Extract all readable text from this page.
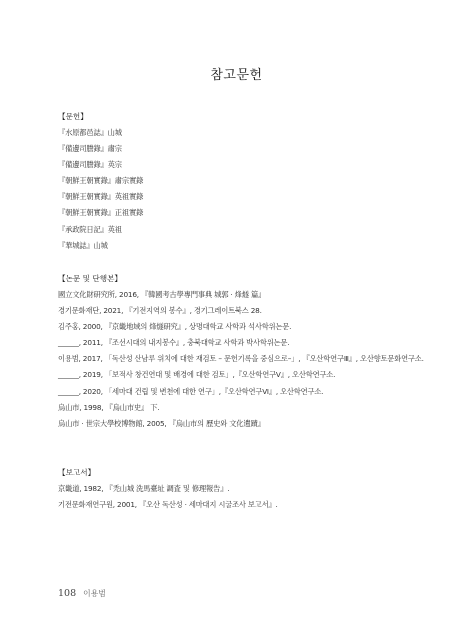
참고문헌
【문헌】
『水原都邑誌』山城
『備邊司謄錄』肅宗
『備邊司謄錄』英宗
『朝鮮王朝實錄』肅宗實錄
『朝鮮王朝實錄』英祖實錄
『朝鮮王朝實錄』正祖實錄
『承政院日記』英祖
『華城誌』山城
【논문 및 단행본】
國立文化財研究所, 2016, 『韓國考古學專門事典 城郭 · 烽燧 篇』
경기문화재단, 2021, 『기전지역의 봉수』, 경기그레이트북스 28.
김주홍, 2000, 『京畿地域의 烽燧研究』, 상명대학교 사학과 석사학위논문.
______, 2011, 『조선시대의 내지봉수』, 충북대학교 사학과 박사학위논문.
이용범, 2017, 「독산성 산남루 위치에 대한 재검토 – 문헌기록을 중심으로–」, 『오산학연구Ⅲ』, 오산향토문화연구소.
______, 2019, 「보적사 창건연대 및 배경에 대한 검토」,『오산학연구Ⅴ』, 오산학연구소.
______, 2020, 「세마대 건립 및 변천에 대한 연구」,『오산학연구Ⅵ』, 오산학연구소.
烏山市, 1998, 『烏山市史』 下.
烏山市 · 世宗大學校博物館, 2005, 『烏山市의 歷史와 文化遺蹟』
【보고서】
京畿道, 1982, 『禿山城 洗馬臺址 調査 및 修理報告』.
기전문화재연구원, 2001, 『오산 독산성 · 세마대지 시굴조사 보고서』.
108 이용범
